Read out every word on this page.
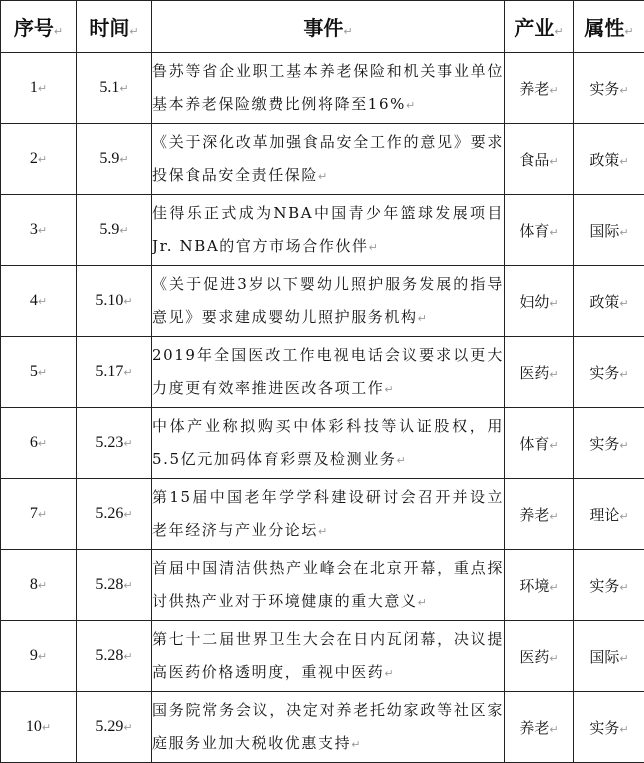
序号↵	时间↵	事件↵	产业↵	属性↵
1↵	5.1↵	鲁苏等省企业职工基本养老保险和机关事业单位基本养老保险缴费比例将降至16%↵	养老↵	实务↵
2↵	5.9↵	《关于深化改革加强食品安全工作的意见》要求投保食品安全责任保险↵	食品↵	政策↵
3↵	5.9↵	佳得乐正式成为NBA中国青少年篮球发展项目Jr. NBA的官方市场合作伙伴↵	体育↵	国际↵
4↵	5.10↵	《关于促进3岁以下婴幼儿照护服务发展的指导意见》要求建成婴幼儿照护服务机构↵	妇幼↵	政策↵
5↵	5.17↵	2019年全国医改工作电视电话会议要求以更大力度更有效率推进医改各项工作↵	医药↵	实务↵
6↵	5.23↵	中体产业称拟购买中体彩科技等认证股权，用5.5亿元加码体育彩票及检测业务↵	体育↵	实务↵
7↵	5.26↵	第15届中国老年学学科建设研讨会召开并设立老年经济与产业分论坛↵	养老↵	理论↵
8↵	5.28↵	首届中国清洁供热产业峰会在北京开幕，重点探讨供热产业对于环境健康的重大意义↵	环境↵	实务↵
9↵	5.28↵	第七十二届世界卫生大会在日内瓦闭幕，决议提高医药价格透明度，重视中医药↵	医药↵	国际↵
10↵	5.29↵	国务院常务会议，决定对养老托幼家政等社区家庭服务业加大税收优惠支持↵	养老↵	实务↵
